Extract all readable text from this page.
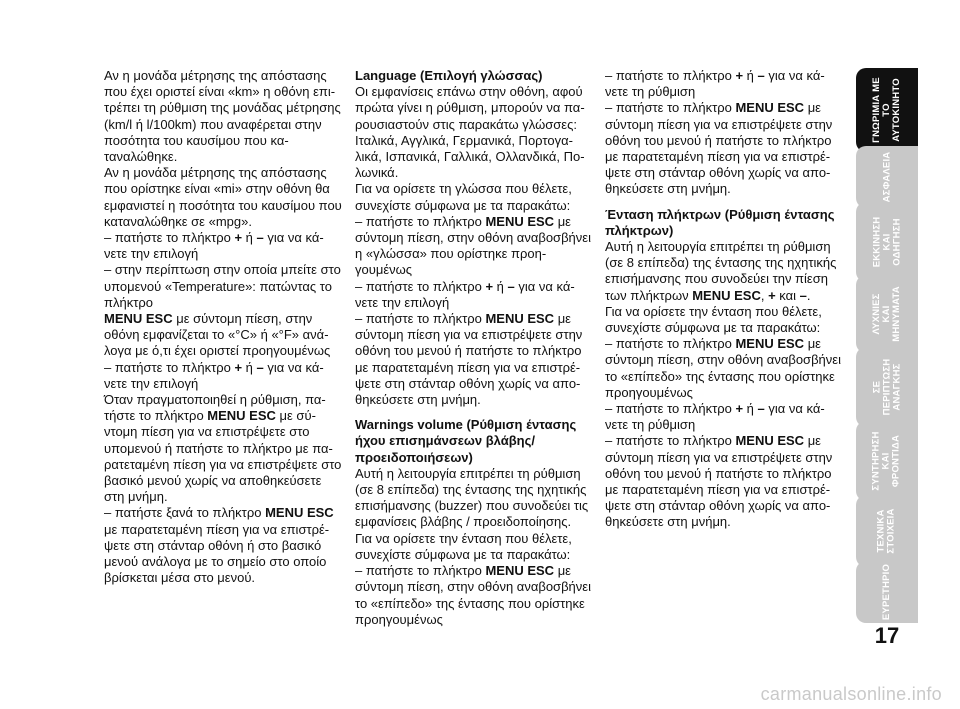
Αν η μονάδα μέτρησης της απόστασης που έχει οριστεί είναι «km» η οθόνη επιτρέπει τη ρύθμιση της μονάδας μέτρησης (km/l ή l/100km) που αναφέρεται στην ποσότητα του καυσίμου που καταναλώθηκε.

Αν η μονάδα μέτρησης της απόστασης που ορίστηκε είναι «mi» στην οθόνη θα εμφανιστεί η ποσότητα του καυσίμου που καταναλώθηκε σε «mpg».

– πατήστε το πλήκτρο + ή – για να κάνετε την επιλογή

– στην περίπτωση στην οποία μπείτε στο υπομενού «Temperature»: πατώντας το πλήκτρο

MENU ESC με σύντομη πίεση, στην οθόνη εμφανίζεται το «°C» ή «°F» ανάλογα με ό,τι έχει οριστεί προηγουμένως

– πατήστε το πλήκτρο + ή – για να κάνετε την επιλογή

Όταν πραγματοποιηθεί η ρύθμιση, πατήστε το πλήκτρο MENU ESC με σύντομη πίεση για να επιστρέψετε στο υπομενού ή πατήστε το πλήκτρο με παρατεταμένη πίεση για να επιστρέψετε στο βασικό μενού χωρίς να αποθηκεύσετε στη μνήμη.

– πατήστε ξανά το πλήκτρο MENU ESC με παρατεταμένη πίεση για να επιστρέψετε στη στάνταρ οθόνη ή στο βασικό μενού ανάλογα με το σημείο στο οποίο βρίσκεται μέσα στο μενού.

Language (Επιλογή γλώσσας)

Οι εμφανίσεις επάνω στην οθόνη, αφού πρώτα γίνει η ρύθμιση, μπορούν να παρουσιαστούν στις παρακάτω γλώσσες: Ιταλικά, Αγγλικά, Γερμανικά, Πορτογαλικά, Ισπανικά, Γαλλικά, Ολλανδικά, Πολωνικά.

Για να ορίσετε τη γλώσσα που θέλετε, συνεχίστε σύμφωνα με τα παρακάτω:

– πατήστε το πλήκτρο MENU ESC με σύντομη πίεση, στην οθόνη αναβοσβήνει η «γλώσσα» που ορίστηκε προηγουμένως

– πατήστε το πλήκτρο + ή – για να κάνετε την επιλογή

– πατήστε το πλήκτρο MENU ESC με σύντομη πίεση για να επιστρέψετε στην οθόνη του μενού ή πατήστε το πλήκτρο με παρατεταμένη πίεση για να επιστρέψετε στη στάνταρ οθόνη χωρίς να αποθηκεύσετε στη μνήμη.

Warnings volume (Ρύθμιση έντασης ήχου επισημάνσεων βλάβης/ προειδοποιήσεων)

Αυτή η λειτουργία επιτρέπει τη ρύθμιση (σε 8 επίπεδα) της έντασης της ηχητικής επισήμανσης (buzzer) που συνοδεύει τις εμφανίσεις βλάβης / προειδοποίησης.

Για να ορίσετε την ένταση που θέλετε, συνεχίστε σύμφωνα με τα παρακάτω:

– πατήστε το πλήκτρο MENU ESC με σύντομη πίεση, στην οθόνη αναβοσβήνει το «επίπεδο» της έντασης που ορίστηκε προηγουμένως

– πατήστε το πλήκτρο + ή – για να κάνετε τη ρύθμιση

– πατήστε το πλήκτρο MENU ESC με σύντομη πίεση για να επιστρέψετε στην οθόνη του μενού ή πατήστε το πλήκτρο με παρατεταμένη πίεση για να επιστρέψετε στη στάνταρ οθόνη χωρίς να αποθηκεύσετε στη μνήμη.

Ένταση πλήκτρων (Ρύθμιση έντασης πλήκτρων)

Αυτή η λειτουργία επιτρέπει τη ρύθμιση (σε 8 επίπεδα) της έντασης της ηχητικής επισήμανσης που συνοδεύει την πίεση των πλήκτρων MENU ESC, + και –.

Για να ορίσετε την ένταση που θέλετε, συνεχίστε σύμφωνα με τα παρακάτω:

– πατήστε το πλήκτρο MENU ESC με σύντομη πίεση, στην οθόνη αναβοσβήνει το «επίπεδο» της έντασης που ορίστηκε προηγουμένως

– πατήστε το πλήκτρο + ή – για να κάνετε τη ρύθμιση

– πατήστε το πλήκτρο MENU ESC με σύντομη πίεση για να επιστρέψετε στην οθόνη του μενού ή πατήστε το πλήκτρο με παρατεταμένη πίεση για να επιστρέψετε στη στάνταρ οθόνη χωρίς να αποθηκεύσετε στη μνήμη.

ΓΝΩΡΙΜΙΑ ΜΕ
ΤΟ
ΑΥΤΟΚΙΝΗΤΟ
ΑΣΦΑΛΕΙΑ
ΕΚΚΙΝΗΣΗ
ΚΑΙ
ΟΔΗΓΗΣΗ
ΛΥΧΝΙΕΣ
ΚΑΙ
ΜΗΝΥΜΑΤΑ
ΣΕ
ΠΕΡΙΠΤΩΣΗ
ΑΝΑΓΚΗΣ
ΣΥΝΤΗΡΗΣΗ
ΚΑΙ
ΦΡΟΝΤΙΔΑ
ΤΕΧΝΙΚΑ
ΣΤΟΙΧΕΙΑ
ΕΥΡΕΤΗΡΙΟ
17
carmanualsonline.info
